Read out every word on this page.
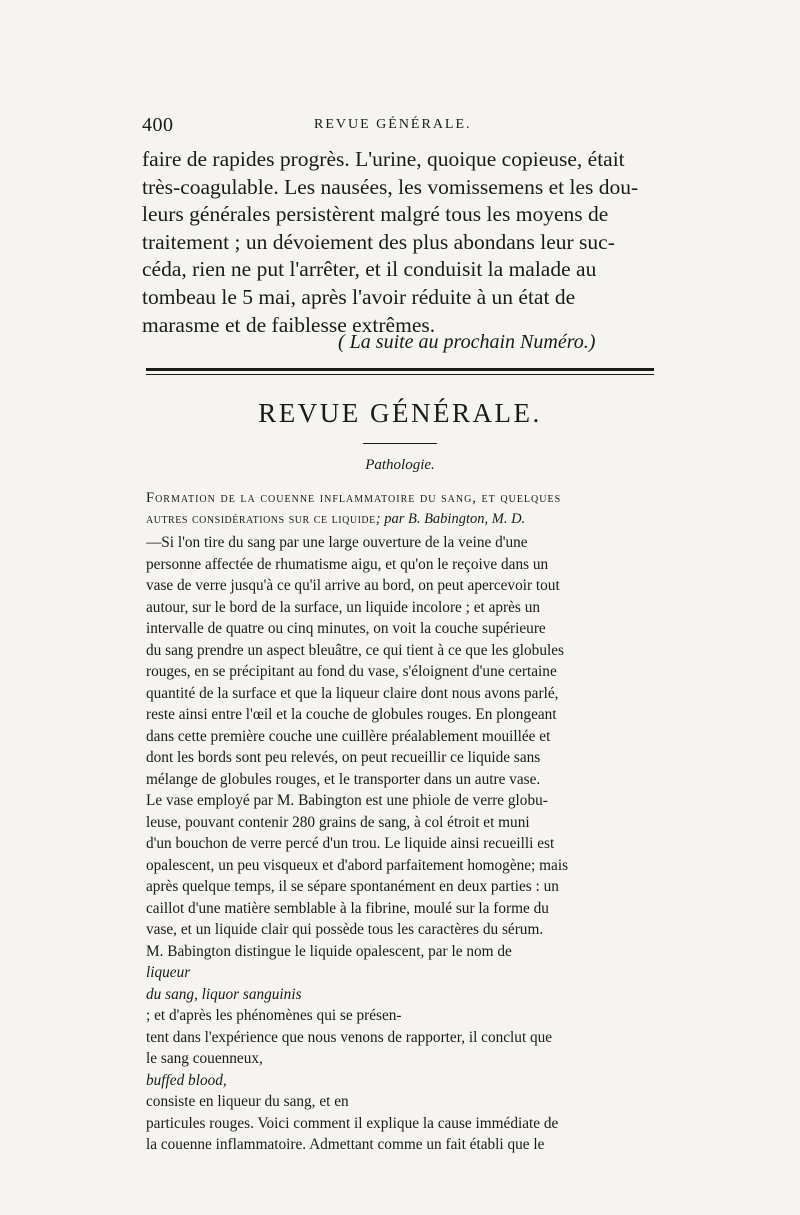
400	REVUE GÉNÉRALE.
faire de rapides progrès. L'urine, quoique copieuse, était
très-coagulable. Les nausées, les vomissemens et les dou-
leurs générales persistèrent malgré tous les moyens de
traitement ; un dévoiement des plus abondans leur suc-
céda, rien ne put l'arrêter, et il conduisit la malade au
tombeau le 5 mai, après l'avoir réduite à un état de
marasme et de faiblesse extrêmes.
( La suite au prochain Numéro.)
REVUE GÉNÉRALE.
Pathologie.
Formation de la couenne inflammatoire du sang, et quelques
autres considérations sur ce liquide; par B. Babington, M. D.
—Si l'on tire du sang par une large ouverture de la veine d'une
personne affectée de rhumatisme aigu, et qu'on le reçoive dans un
vase de verre jusqu'à ce qu'il arrive au bord, on peut apercevoir tout
autour, sur le bord de la surface, un liquide incolore ; et après un
intervalle de quatre ou cinq minutes, on voit la couche supérieure
du sang prendre un aspect bleuâtre, ce qui tient à ce que les globules
rouges, en se précipitant au fond du vase, s'éloignent d'une certaine
quantité de la surface et que la liqueur claire dont nous avons parlé,
reste ainsi entre l'œil et la couche de globules rouges. En plongeant
dans cette première couche une cuillère préalablement mouillée et
dont les bords sont peu relevés, on peut recueillir ce liquide sans
mélange de globules rouges, et le transporter dans un autre vase.
Le vase employé par M. Babington est une phiole de verre globu-
leuse, pouvant contenir 280 grains de sang, à col étroit et muni
d'un bouchon de verre percé d'un trou. Le liquide ainsi recueilli est
opalescent, un peu visqueux et d'abord parfaitement homogène; mais
après quelque temps, il se sépare spontanément en deux parties : un
caillot d'une matière semblable à la fibrine, moulé sur la forme du
vase, et un liquide clair qui possède tous les caractères du sérum.
M. Babington distingue le liquide opalescent, par le nom de
liqueur
du sang, liquor sanguinis
; et d'après les phénomènes qui se présen-
tent dans l'expérience que nous venons de rapporter, il conclut que
le sang couenneux,
buffed blood,
consiste en liqueur du sang, et en
particules rouges. Voici comment il explique la cause immédiate de
la couenne inflammatoire. Admettant comme un fait établi que le
